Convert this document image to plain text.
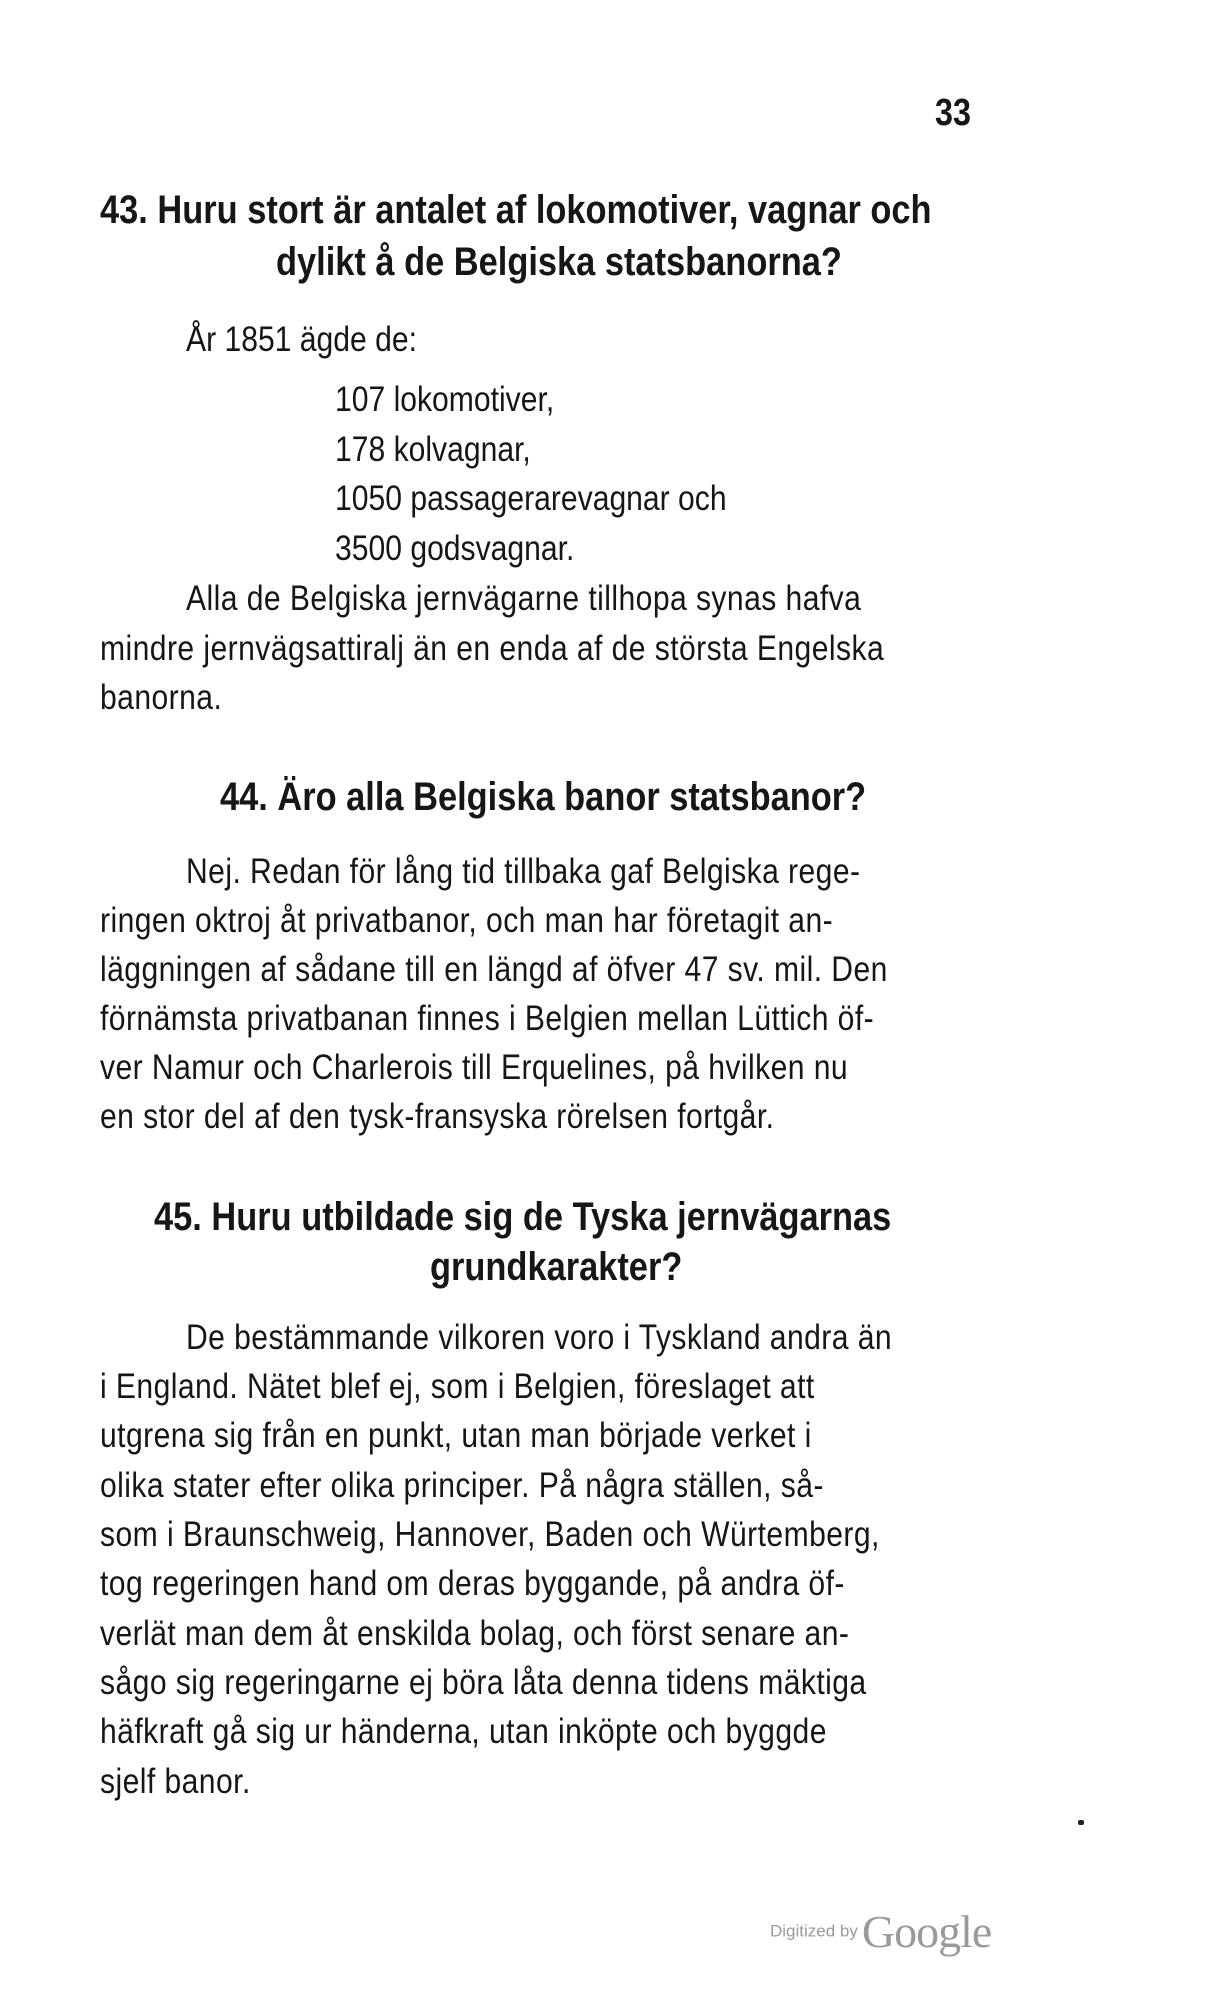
33
43. Huru stort är antalet af lokomotiver, vagnar och
dylikt å de Belgiska statsbanorna?
År 1851 ägde de:
107 lokomotiver,
178 kolvagnar,
1050 passagerarevagnar och
3500 godsvagnar.
Alla de Belgiska jernvägarne tillhopa synas hafva
mindre jernvägsattiralj än en enda af de största Engelska
banorna.
44. Äro alla Belgiska banor statsbanor?
Nej. Redan för lång tid tillbaka gaf Belgiska rege-
ringen oktroj åt privatbanor, och man har företagit an-
läggningen af sådane till en längd af öfver 47 sv. mil. Den
förnämsta privatbanan finnes i Belgien mellan Lüttich öf-
ver Namur och Charlerois till Erquelines, på hvilken nu
en stor del af den tysk-fransyska rörelsen fortgår.
45. Huru utbildade sig de Tyska jernvägarnas
grundkarakter?
De bestämmande vilkoren voro i Tyskland andra än
i England. Nätet blef ej, som i Belgien, föreslaget att
utgrena sig från en punkt, utan man började verket i
olika stater efter olika principer. På några ställen, så-
som i Braunschweig, Hannover, Baden och Würtemberg,
tog regeringen hand om deras byggande, på andra öf-
verlät man dem åt enskilda bolag, och först senare an-
sågo sig regeringarne ej böra låta denna tidens mäktiga
häfkraft gå sig ur händerna, utan inköpte och byggde
sjelf banor.
Digitized by Google
